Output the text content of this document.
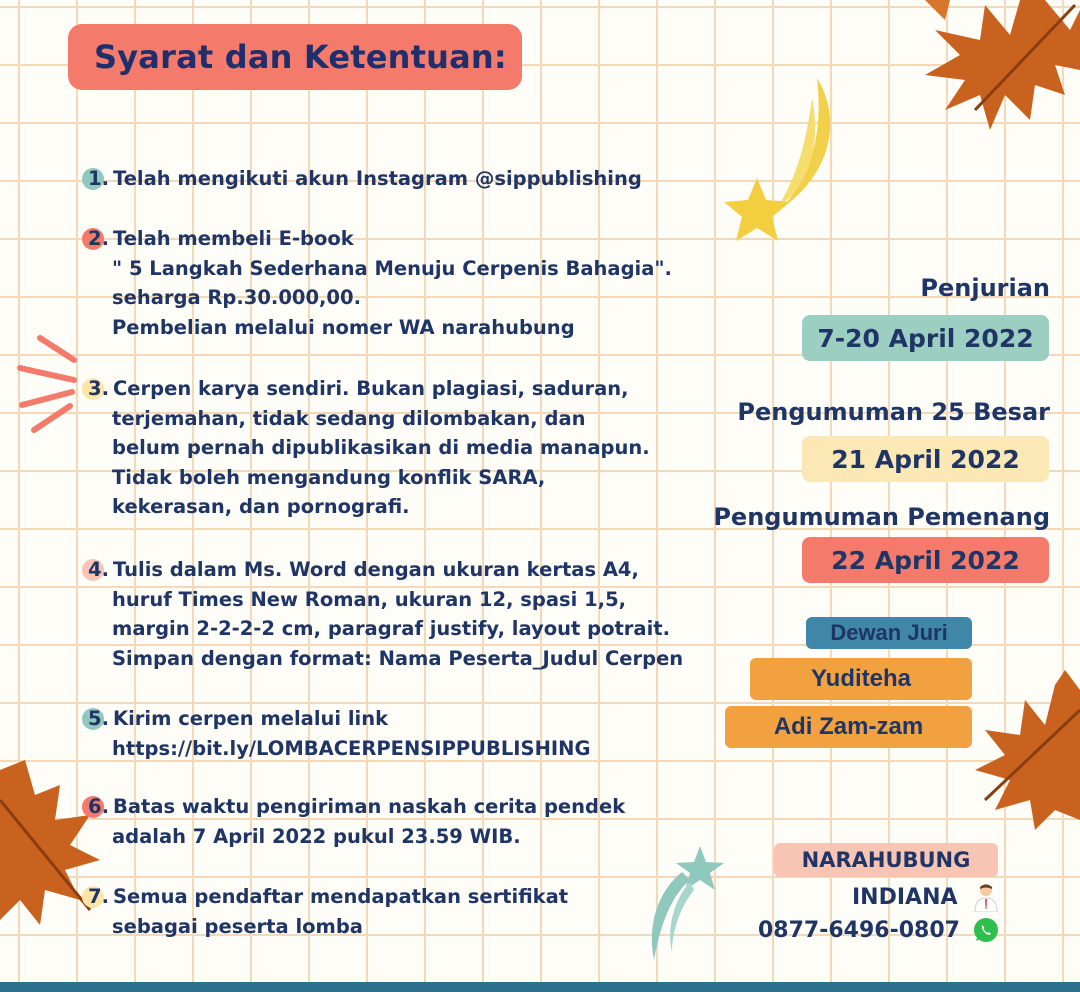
Syarat dan Ketentuan:
1. Telah mengikuti akun Instagram @sippublishing
2. Telah membeli E-book
" 5 Langkah Sederhana Menuju Cerpenis Bahagia".
seharga Rp.30.000,00.
Pembelian melalui nomer WA narahubung
3. Cerpen karya sendiri. Bukan plagiasi, saduran,
terjemahan, tidak sedang dilombakan, dan
belum pernah dipublikasikan di media manapun.
Tidak boleh mengandung konflik SARA,
kekerasan, dan pornografi.
4. Tulis dalam Ms. Word dengan ukuran kertas A4,
huruf Times New Roman, ukuran 12, spasi 1,5,
margin 2-2-2-2 cm, paragraf justify, layout potrait.
Simpan dengan format: Nama Peserta_Judul Cerpen
5. Kirim cerpen melalui link
https://bit.ly/LOMBACERPENSIPPUBLISHING
6. Batas waktu pengiriman naskah cerita pendek
adalah 7 April 2022 pukul 23.59 WIB.
7. Semua pendaftar mendapatkan sertifikat
sebagai peserta lomba
Penjurian
7-20 April 2022
Pengumuman 25 Besar
21 April 2022
Pengumuman Pemenang
22 April 2022
Dewan Juri
Yuditeha
Adi Zam-zam
NARAHUBUNG
INDIANA
0877-6496-0807
